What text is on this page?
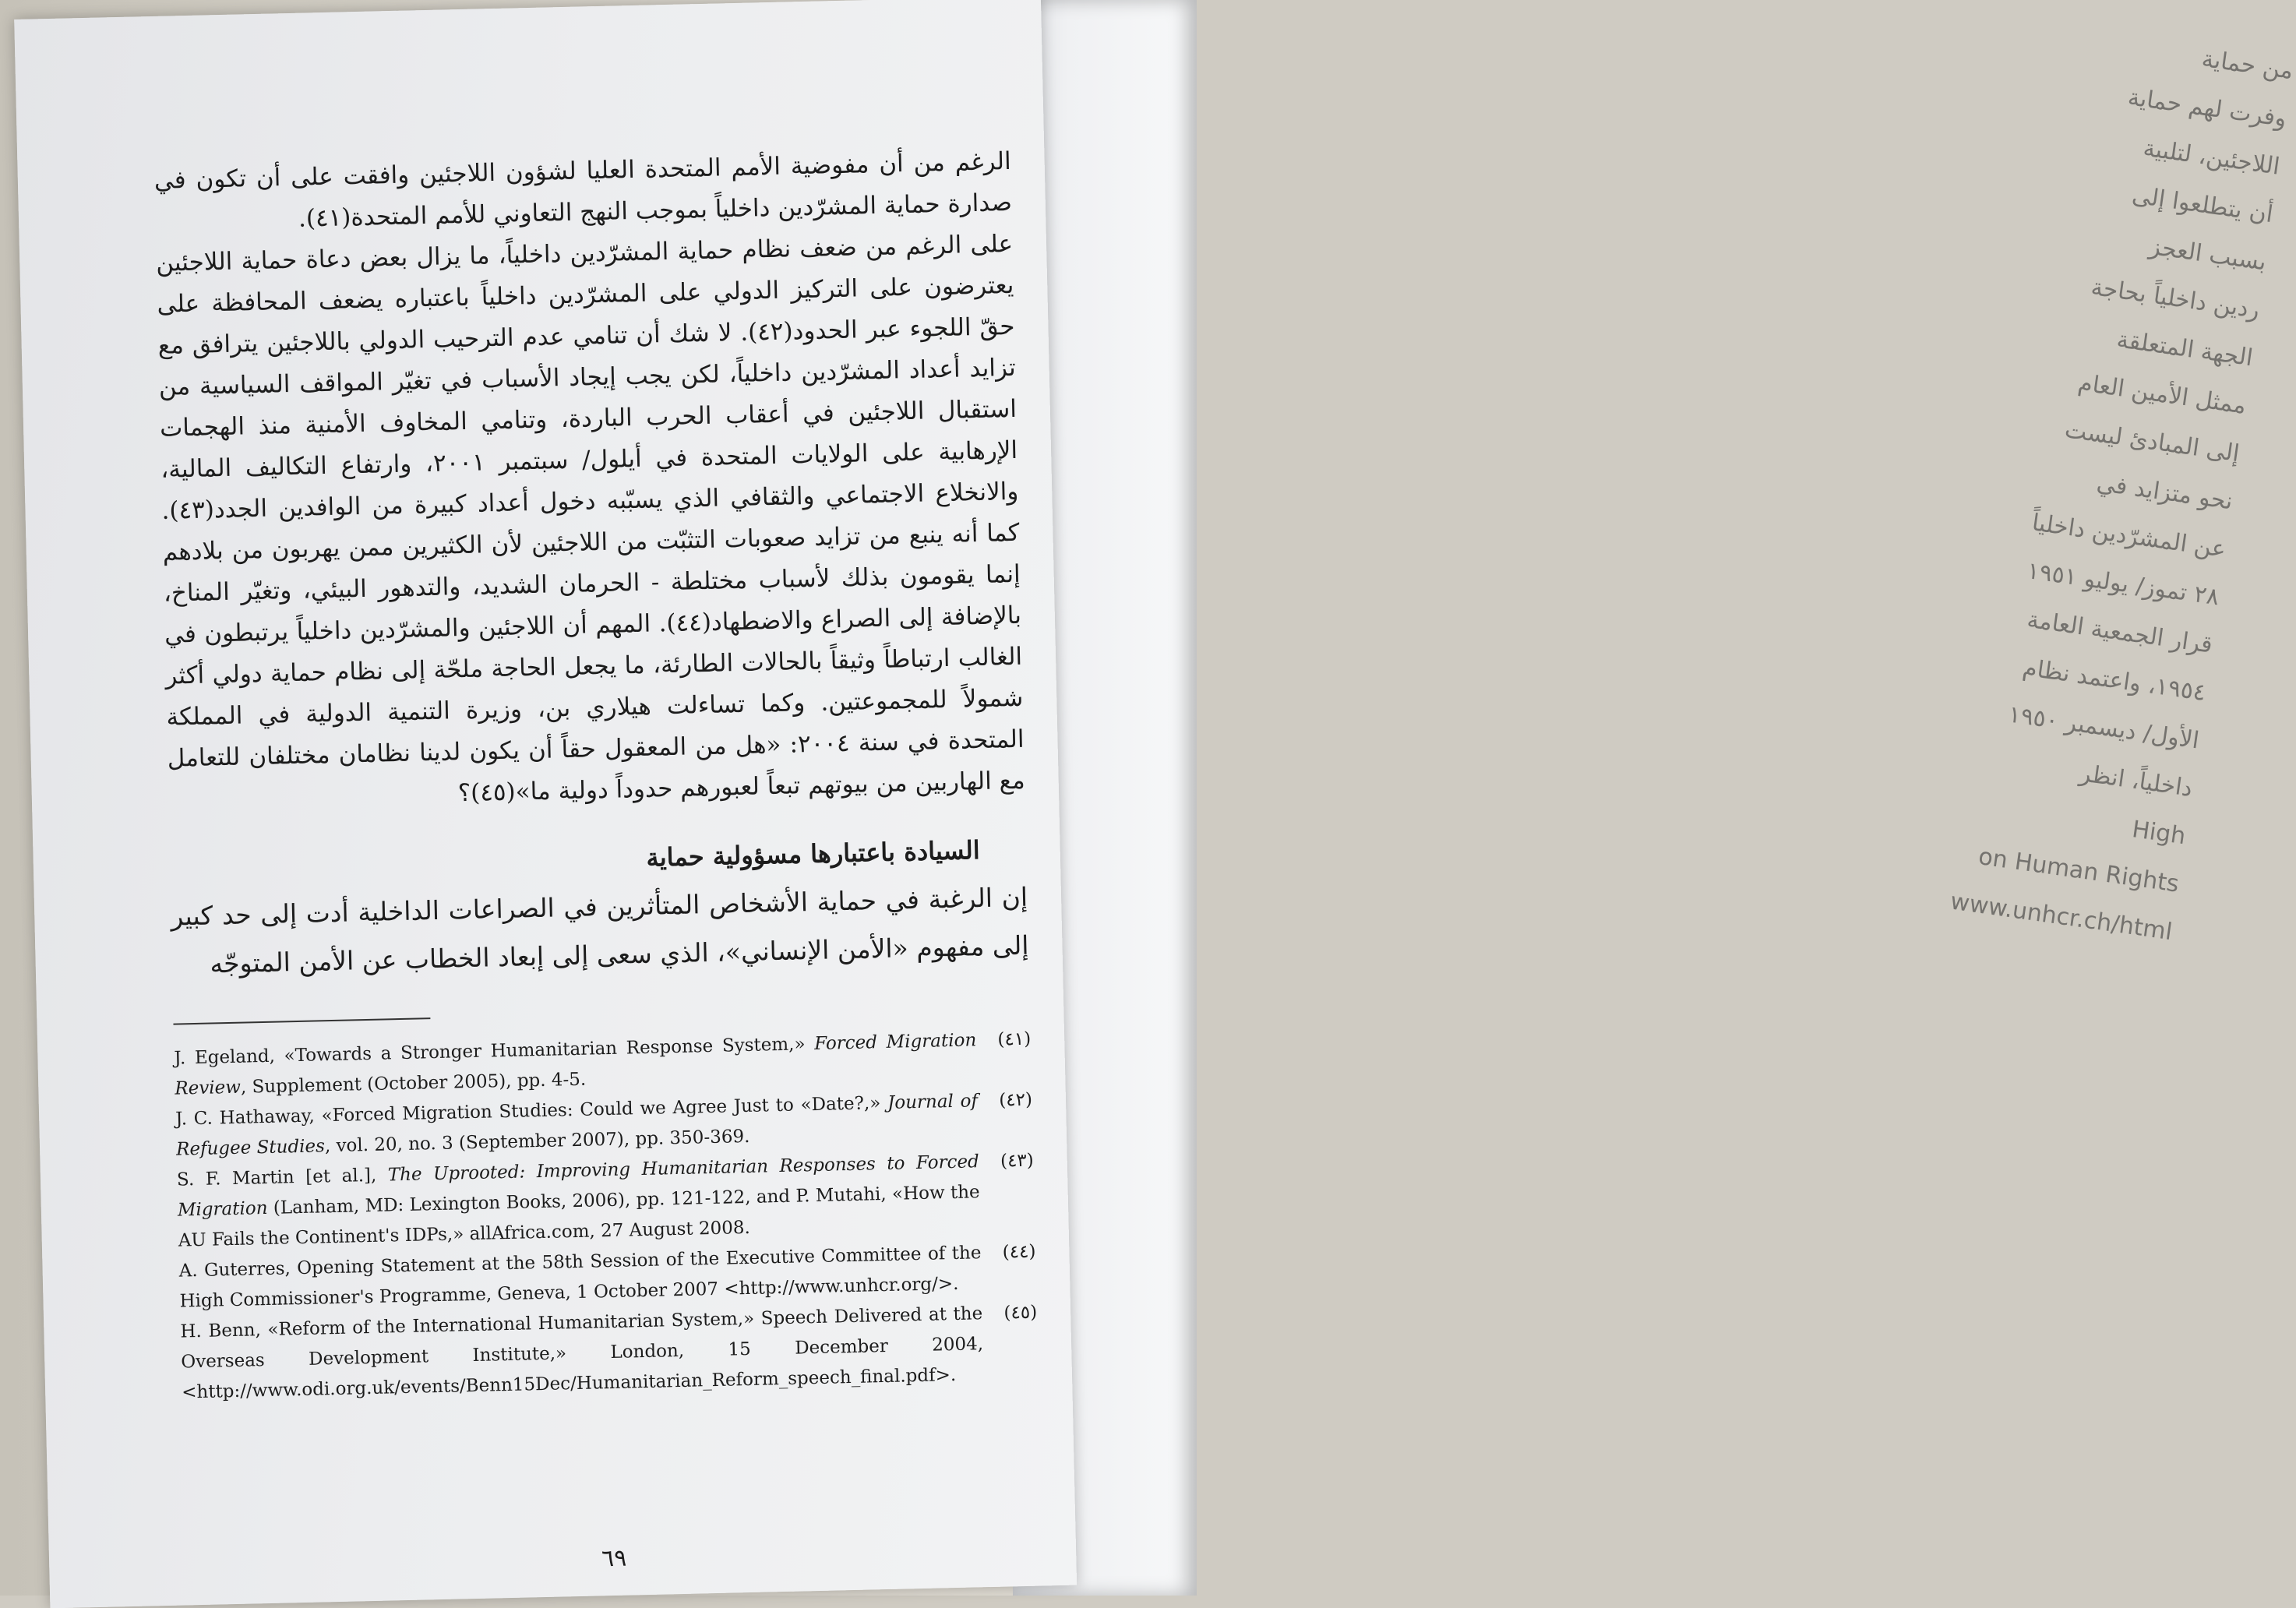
من حماية
وفرت لهم حماية
اللاجئين، لتلبية
أن يتطلعوا إلى
بسبب العجز
ردين داخلياً بحاجة
الجهة المتعلقة
ممثل الأمين العام
إلى المبادئ ليست
نحو متزايد في
عن المشرّدين داخلياً
٢٨ تموز/ يوليو ١٩٥١
قرار الجمعية العامة
١٩٥٤، واعتمد نظام
الأول/ ديسمبر ١٩٥٠
داخلياً، انظر
High
on Human Rights
www.unhcr.ch/html

الرغم من أن مفوضية الأمم المتحدة العليا لشؤون اللاجئين وافقت على أن تكون في صدارة حماية المشرّدين داخلياً بموجب النهج التعاوني للأمم المتحدة(٤١).

على الرغم من ضعف نظام حماية المشرّدين داخلياً، ما يزال بعض دعاة حماية اللاجئين يعترضون على التركيز الدولي على المشرّدين داخلياً باعتباره يضعف المحافظة على حقّ اللجوء عبر الحدود(٤٢). لا شك أن تنامي عدم الترحيب الدولي باللاجئين يترافق مع تزايد أعداد المشرّدين داخلياً، لكن يجب إيجاد الأسباب في تغيّر المواقف السياسية من استقبال اللاجئين في أعقاب الحرب الباردة، وتنامي المخاوف الأمنية منذ الهجمات الإرهابية على الولايات المتحدة في أيلول/ سبتمبر ٢٠٠١، وارتفاع التكاليف المالية، والانخلاع الاجتماعي والثقافي الذي يسبّبه دخول أعداد كبيرة من الوافدين الجدد(٤٣). كما أنه ينبع من تزايد صعوبات التثبّت من اللاجئين لأن الكثيرين ممن يهربون من بلادهم إنما يقومون بذلك لأسباب مختلطة - الحرمان الشديد، والتدهور البيئي، وتغيّر المناخ، بالإضافة إلى الصراع والاضطهاد(٤٤). المهم أن اللاجئين والمشرّدين داخلياً يرتبطون في الغالب ارتباطاً وثيقاً بالحالات الطارئة، ما يجعل الحاجة ملحّة إلى نظام حماية دولي أكثر شمولاً للمجموعتين. وكما تساءلت هيلاري بن، وزيرة التنمية الدولية في المملكة المتحدة في سنة ٢٠٠٤: «هل من المعقول حقاً أن يكون لدينا نظامان مختلفان للتعامل مع الهاربين من بيوتهم تبعاً لعبورهم حدوداً دولية ما»(٤٥)؟

السيادة باعتبارها مسؤولية حماية

إن الرغبة في حماية الأشخاص المتأثرين في الصراعات الداخلية أدت إلى حد كبير إلى مفهوم «الأمن الإنساني»، الذي سعى إلى إبعاد الخطاب عن الأمن المتوجّه

(٤١)
J. Egeland, «Towards a Stronger Humanitarian Response System,» Forced Migration Review, Supplement (October 2005), pp. 4-5.
(٤٢)
J. C. Hathaway, «Forced Migration Studies: Could we Agree Just to «Date?,» Journal of Refugee Studies, vol. 20, no. 3 (September 2007), pp. 350-369.
(٤٣)
S. F. Martin [et al.], The Uprooted: Improving Humanitarian Responses to Forced Migration (Lanham, MD: Lexington Books, 2006), pp. 121-122, and P. Mutahi, «How the AU Fails the Continent's IDPs,» allAfrica.com, 27 August 2008.
(٤٤)
A. Guterres, Opening Statement at the 58th Session of the Executive Committee of the High Commissioner's Programme, Geneva, 1 October 2007 <http://www.unhcr.org/>.
(٤٥)
H. Benn, «Reform of the International Humanitarian System,» Speech Delivered at the Overseas Development Institute,» London, 15 December 2004, <http://www.odi.org.uk/events/Benn15Dec/Humanitarian_Reform_speech_final.pdf>.
٦٩
